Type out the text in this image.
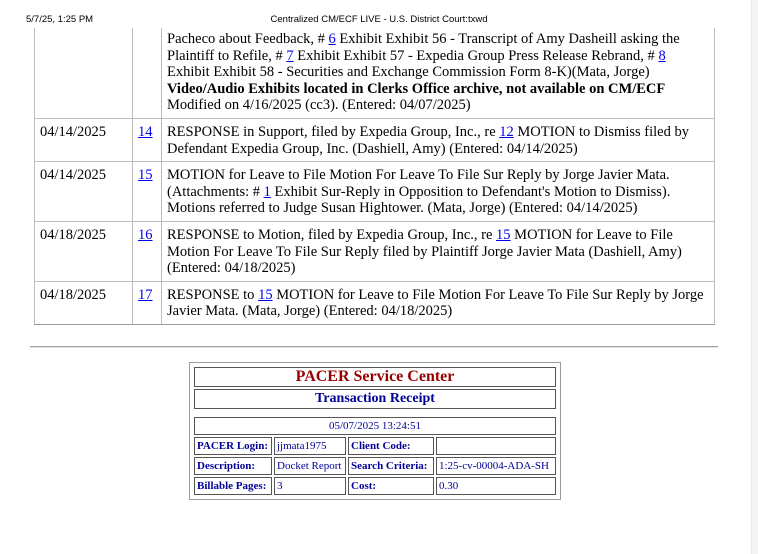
5/7/25, 1:25 PM	Centralized CM/ECF LIVE - U.S. District Court:txwd
		Pacheco about Feedback, # 6 Exhibit Exhibit 56 - Transcript of Amy Dasheill asking the Plaintiff to Refile, # 7 Exhibit Exhibit 57 - Expedia Group Press Release Rebrand, # 8 Exhibit Exhibit 58 - Securities and Exchange Commission Form 8-K)(Mata, Jorge) Video/Audio Exhibits located in Clerks Office archive, not available on CM/ECF Modified on 4/16/2025 (cc3). (Entered: 04/07/2025)
04/14/2025	14	RESPONSE in Support, filed by Expedia Group, Inc., re 12 MOTION to Dismiss filed by Defendant Expedia Group, Inc. (Dashiell, Amy) (Entered: 04/14/2025)
04/14/2025	15	MOTION for Leave to File Motion For Leave To File Sur Reply by Jorge Javier Mata. (Attachments: # 1 Exhibit Sur-Reply in Opposition to Defendant's Motion to Dismiss). Motions referred to Judge Susan Hightower. (Mata, Jorge) (Entered: 04/14/2025)
04/18/2025	16	RESPONSE to Motion, filed by Expedia Group, Inc., re 15 MOTION for Leave to File Motion For Leave To File Sur Reply filed by Plaintiff Jorge Javier Mata (Dashiell, Amy) (Entered: 04/18/2025)
04/18/2025	17	RESPONSE to 15 MOTION for Leave to File Motion For Leave To File Sur Reply by Jorge Javier Mata. (Mata, Jorge) (Entered: 04/18/2025)
PACER Service Center			
Transaction Receipt			

05/07/2025 13:24:51			
PACER Login:	jjmata1975	Client Code:	
Description:	Docket Report	Search Criteria:	1:25-cv-00004-ADA-SH
Billable Pages:	3	Cost:	0.30
